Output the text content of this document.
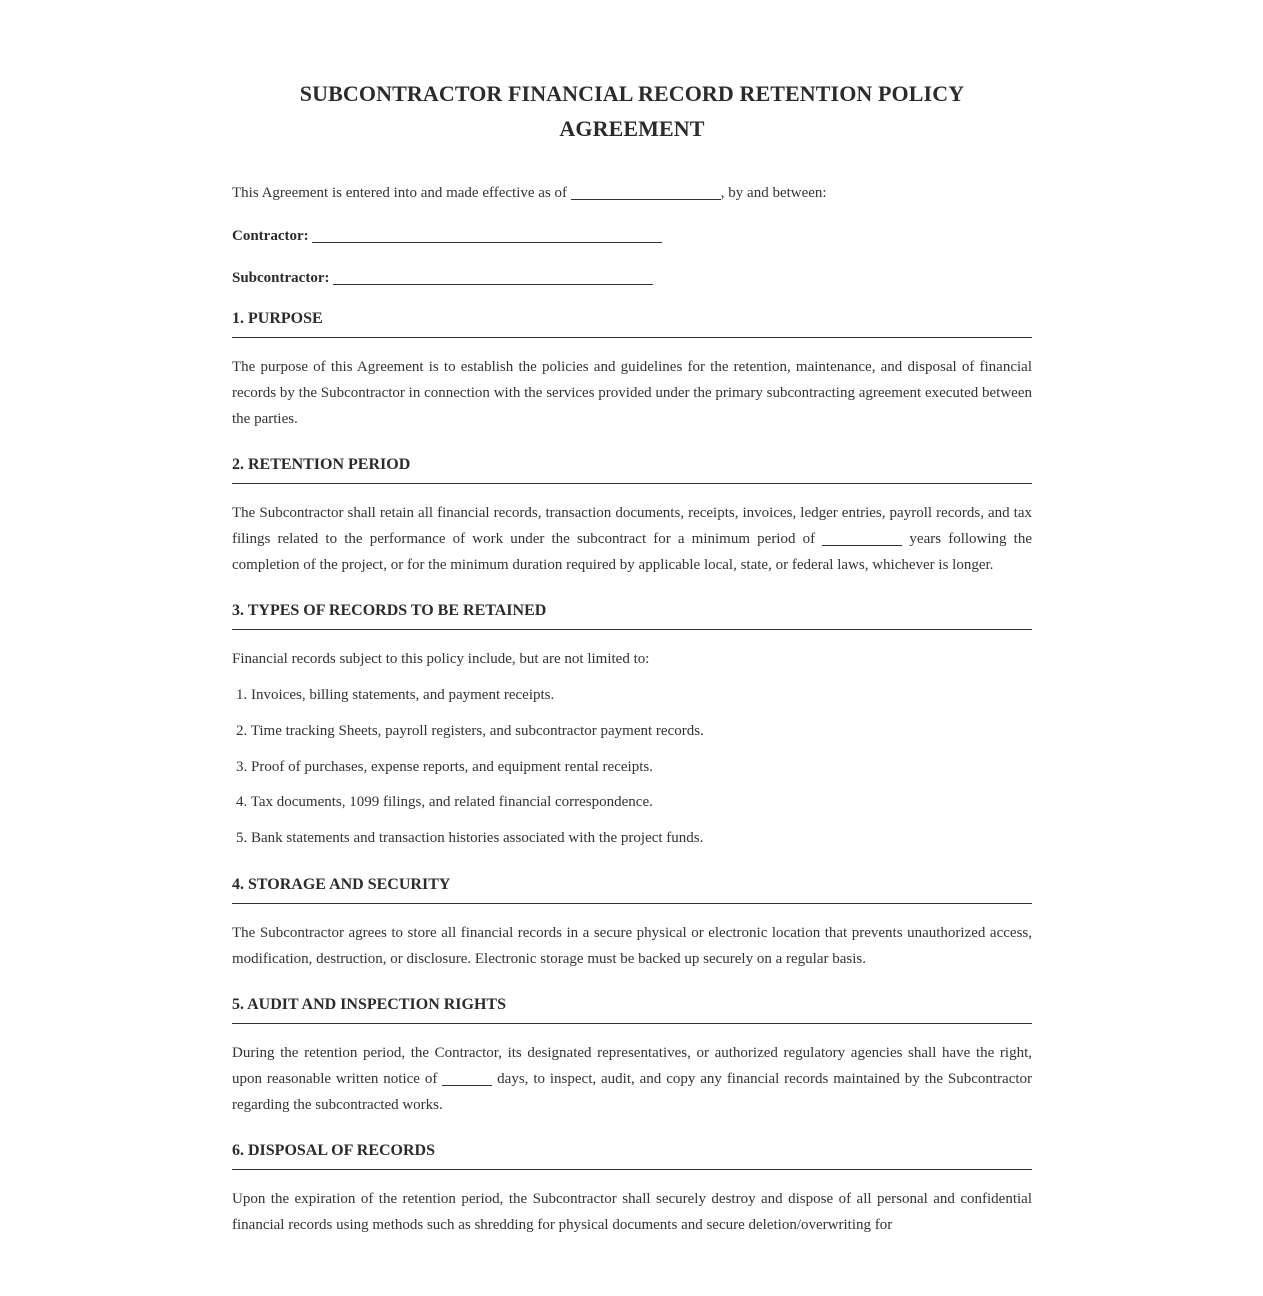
SUBCONTRACTOR FINANCIAL RECORD RETENTION POLICY
AGREEMENT

This Agreement is entered into and made effective as of	, by and between:

Contractor:

Subcontractor:

1. PURPOSE

The purpose of this Agreement is to establish the policies and guidelines for the retention, maintenance, and disposal of financial records by the Subcontractor in connection with the services provided under the primary subcontracting agreement executed between the parties.

2. RETENTION PERIOD

The Subcontractor shall retain all financial records, transaction documents, receipts, invoices, ledger entries, payroll records, and tax filings related to the performance of work under the subcontract for a minimum period of	years following the completion of the project, or for the minimum duration required by applicable local, state, or federal laws, whichever is longer.

3. TYPES OF RECORDS TO BE RETAINED

Financial records subject to this policy include, but are not limited to:

1. Invoices, billing statements, and payment receipts.
2. Time tracking Sheets, payroll registers, and subcontractor payment records.
3. Proof of purchases, expense reports, and equipment rental receipts.
4. Tax documents, 1099 filings, and related financial correspondence.
5. Bank statements and transaction histories associated with the project funds.
4. STORAGE AND SECURITY

The Subcontractor agrees to store all financial records in a secure physical or electronic location that prevents unauthorized access, modification, destruction, or disclosure. Electronic storage must be backed up securely on a regular basis.

5. AUDIT AND INSPECTION RIGHTS

During the retention period, the Contractor, its designated representatives, or authorized regulatory agencies shall have the right, upon reasonable written notice of	days, to inspect, audit, and copy any financial records maintained by the Subcontractor regarding the subcontracted works.

6. DISPOSAL OF RECORDS

Upon the expiration of the retention period, the Subcontractor shall securely destroy and dispose of all personal and confidential financial records using methods such as shredding for physical documents and secure deletion/overwriting for
